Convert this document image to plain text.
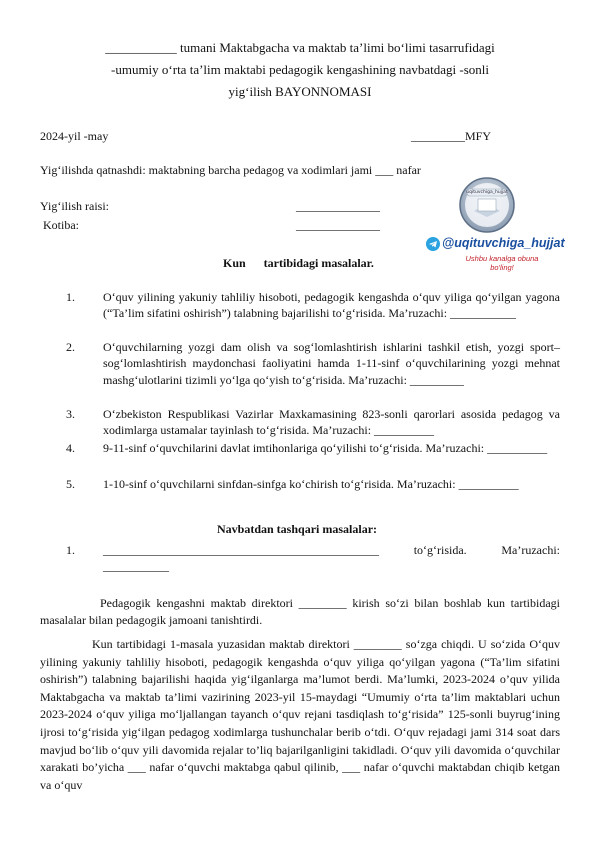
___________ tumani Maktabgacha va maktab ta’limi bo‘limi tasarrufidagi
-umumiy o‘rta ta’lim maktabi pedagogik kengashining navbatdagi -sonli
yig‘ilish BAYONNOMASI
2024-yil -may	_________MFY
Yig‘ilishda qatnashdi: maktabning barcha pedagog va xodimlari jami ___ nafar
Yig‘ilish raisi:	______________
Kotiba:	______________
uqituvchiga_hujjat
@uqituvchiga_hujjat
Ushbu kanalga obuna
bo'ling!
Kun      tartibidagi masalalar.
1. O‘quv yilining yakuniy tahliliy hisoboti, pedagogik kengashda o‘quv yiliga qo‘yilgan yagona (“Ta’lim sifatini oshirish”) talabning bajarilishi to‘g‘risida. Ma’ruzachi: ___________
2. O‘quvchilarning yozgi dam olish va sog‘lomlashtirish ishlarini tashkil etish, yozgi sport–sog‘lomlashtirish maydonchasi faoliyatini hamda 1-11-sinf o‘quvchilarining yozgi mehnat mashg‘ulotlarini tizimli yo‘lga qo‘yish to‘g‘risida. Ma’ruzachi: _________
3. O‘zbekiston Respublikasi Vazirlar Maxkamasining 823-sonli qarorlari asosida pedagog va xodimlarga ustamalar tayinlash to‘g‘risida. Ma’ruzachi: __________
4. 9-11-sinf o‘quvchilarini davlat imtihonlariga qo‘yilishi to‘g‘risida. Ma’ruzachi: __________
5. 1-10-sinf o‘quvchilarni sinfdan-sinfga ko‘chirish to‘g‘risida. Ma’ruzachi: __________
Navbatdan tashqari masalalar:
1. ______________________________________________ to‘g‘risida. Ma’ruzachi: ___________
Pedagogik kengashni maktab direktori ________ kirish so‘zi bilan boshlab kun tartibidagi masalalar bilan pedagogik jamoani tanishtirdi.
Kun tartibidagi 1-masala yuzasidan maktab direktori ________ so‘zga chiqdi. U so‘zida O‘quv yilining yakuniy tahliliy hisoboti, pedagogik kengashda o‘quv yiliga qo‘yilgan yagona (“Ta’lim sifatini oshirish”) talabning bajarilishi haqida yig‘ilganlarga ma’lumot berdi. Ma’lumki, 2023-2024 o’quv yilida Maktabgacha va maktab ta’limi vazirining 2023-yil 15-maydagi “Umumiy o‘rta ta’lim maktablari uchun 2023-2024 o‘quv yiliga mo‘ljallangan tayanch o‘quv rejani tasdiqlash to‘g‘risida” 125-sonli buyrug‘ining ijrosi to‘g‘risida yig‘ilgan pedagog xodimlarga tushunchalar berib o‘tdi. O‘quv rejadagi jami 314 soat dars mavjud bo‘lib o‘quv yili davomida rejalar to’liq bajarilganligini takidladi. O‘quv yili davomida o‘quvchilar xarakati bo’yicha ___ nafar o‘quvchi maktabga qabul qilinib, ___ nafar o‘quvchi maktabdan chiqib ketgan va o‘quv
